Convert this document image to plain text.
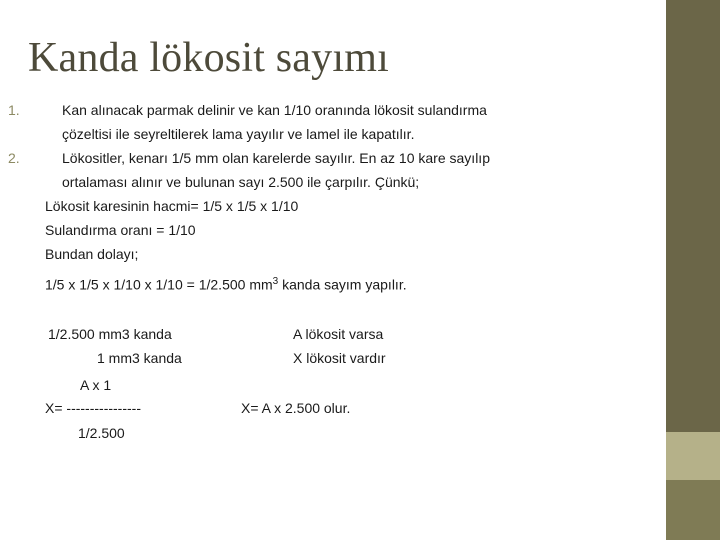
Kanda lökosit sayımı
1.	Kan alınacak parmak delinir ve kan 1/10 oranında lökosit sulandırma
çözeltisi ile seyreltilerek lama yayılır ve lamel ile kapatılır.
2.	Lökositler, kenarı 1/5 mm olan karelerde sayılır. En az 10 kare sayılıp
ortalaması alınır ve bulunan sayı 2.500 ile çarpılır. Çünkü;
Lökosit karesinin hacmi= 1/5 x 1/5 x 1/10
Sulandırma oranı = 1/10
Bundan dolayı;
1/5 x 1/5 x 1/10 x 1/10 = 1/2.500 $mm^3$ kanda sayım yapılır.
1/2.500 mm3 kanda
1 mm3 kanda
A lökosit varsa
X lökosit vardır
A x 1
X= ----------------
1/2.500
X= A x 2.500 olur.
